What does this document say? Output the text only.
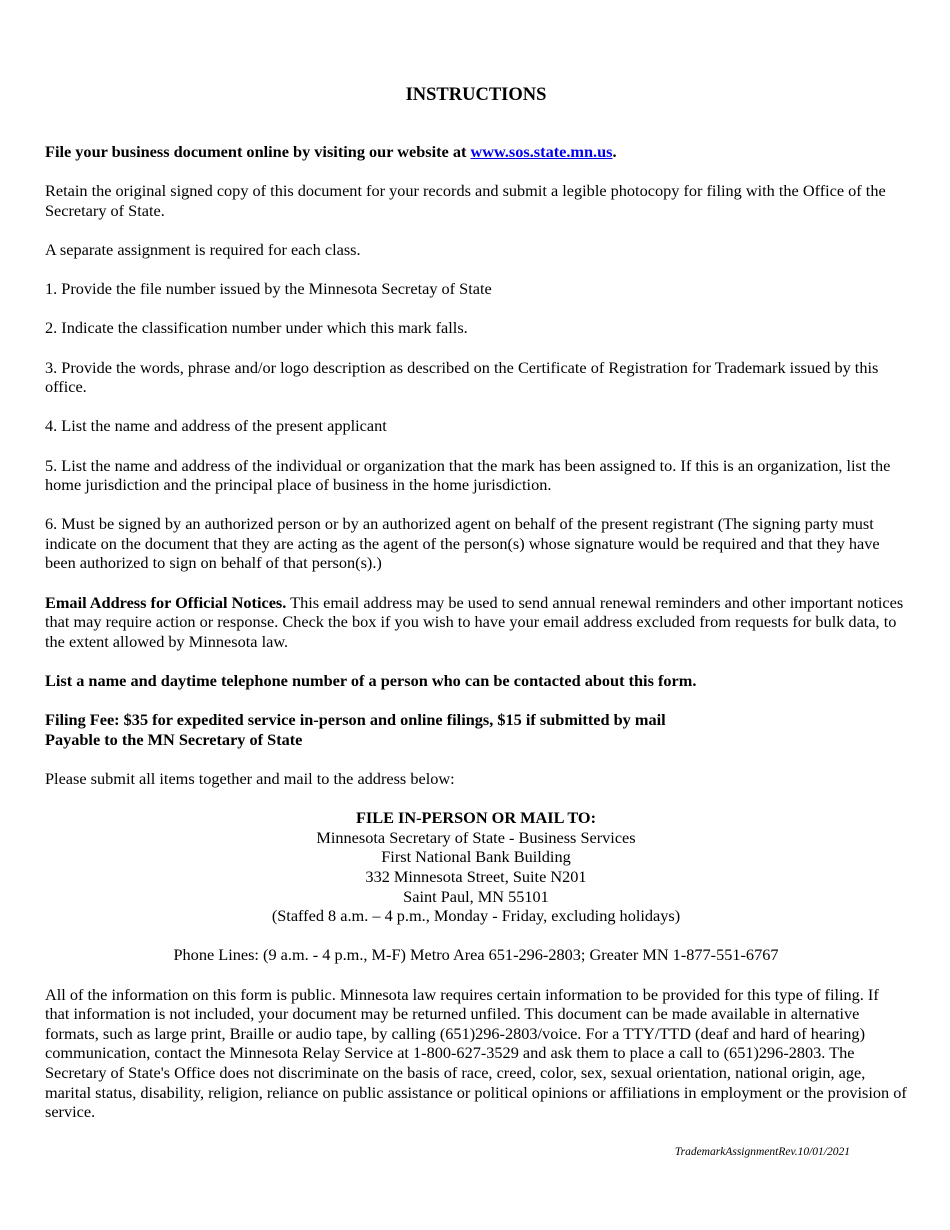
INSTRUCTIONS

File your business document online by visiting our website at www.sos.state.mn.us.

Retain the original signed copy of this document for your records and submit a legible photocopy for filing with the Office of the Secretary of State.

A separate assignment is required for each class.

1. Provide the file number issued by the Minnesota Secretay of State

2. Indicate the classification number under which this mark falls.

3. Provide the words, phrase and/or logo description as described on the Certificate of Registration for Trademark issued by this office.

4. List the name and address of the present applicant

5. List the name and address of the individual or organization that the mark has been assigned to. If this is an organization, list the home jurisdiction and the principal place of business in the home jurisdiction.

6. Must be signed by an authorized person or by an authorized agent on behalf of the present registrant (The signing party must indicate on the document that they are acting as the agent of the person(s) whose signature would be required and that they have been authorized to sign on behalf of that person(s).)

Email Address for Official Notices. This email address may be used to send annual renewal reminders and other important notices that may require action or response. Check the box if you wish to have your email address excluded from requests for bulk data, to the extent allowed by Minnesota law.

List a name and daytime telephone number of a person who can be contacted about this form.

Filing Fee: $35 for expedited service in-person and online filings, $15 if submitted by mail
Payable to the MN Secretary of State

Please submit all items together and mail to the address below:

FILE IN-PERSON OR MAIL TO:

Minnesota Secretary of State - Business Services

First National Bank Building

332 Minnesota Street, Suite N201

Saint Paul, MN 55101

(Staffed 8 a.m. – 4 p.m., Monday - Friday, excluding holidays)

Phone Lines: (9 a.m. - 4 p.m., M-F) Metro Area 651-296-2803; Greater MN 1-877-551-6767

All of the information on this form is public. Minnesota law requires certain information to be provided for this type of filing. If that information is not included, your document may be returned unfiled. This document can be made available in alternative formats, such as large print, Braille or audio tape, by calling (651)296-2803/voice. For a TTY/TTD (deaf and hard of hearing) communication, contact the Minnesota Relay Service at 1-800-627-3529 and ask them to place a call to (651)296-2803. The Secretary of State's Office does not discriminate on the basis of race, creed, color, sex, sexual orientation, national origin, age, marital status, disability, religion, reliance on public assistance or political opinions or affiliations in employment or the provision of service.

TrademarkAssignmentRev.10/01/2021
